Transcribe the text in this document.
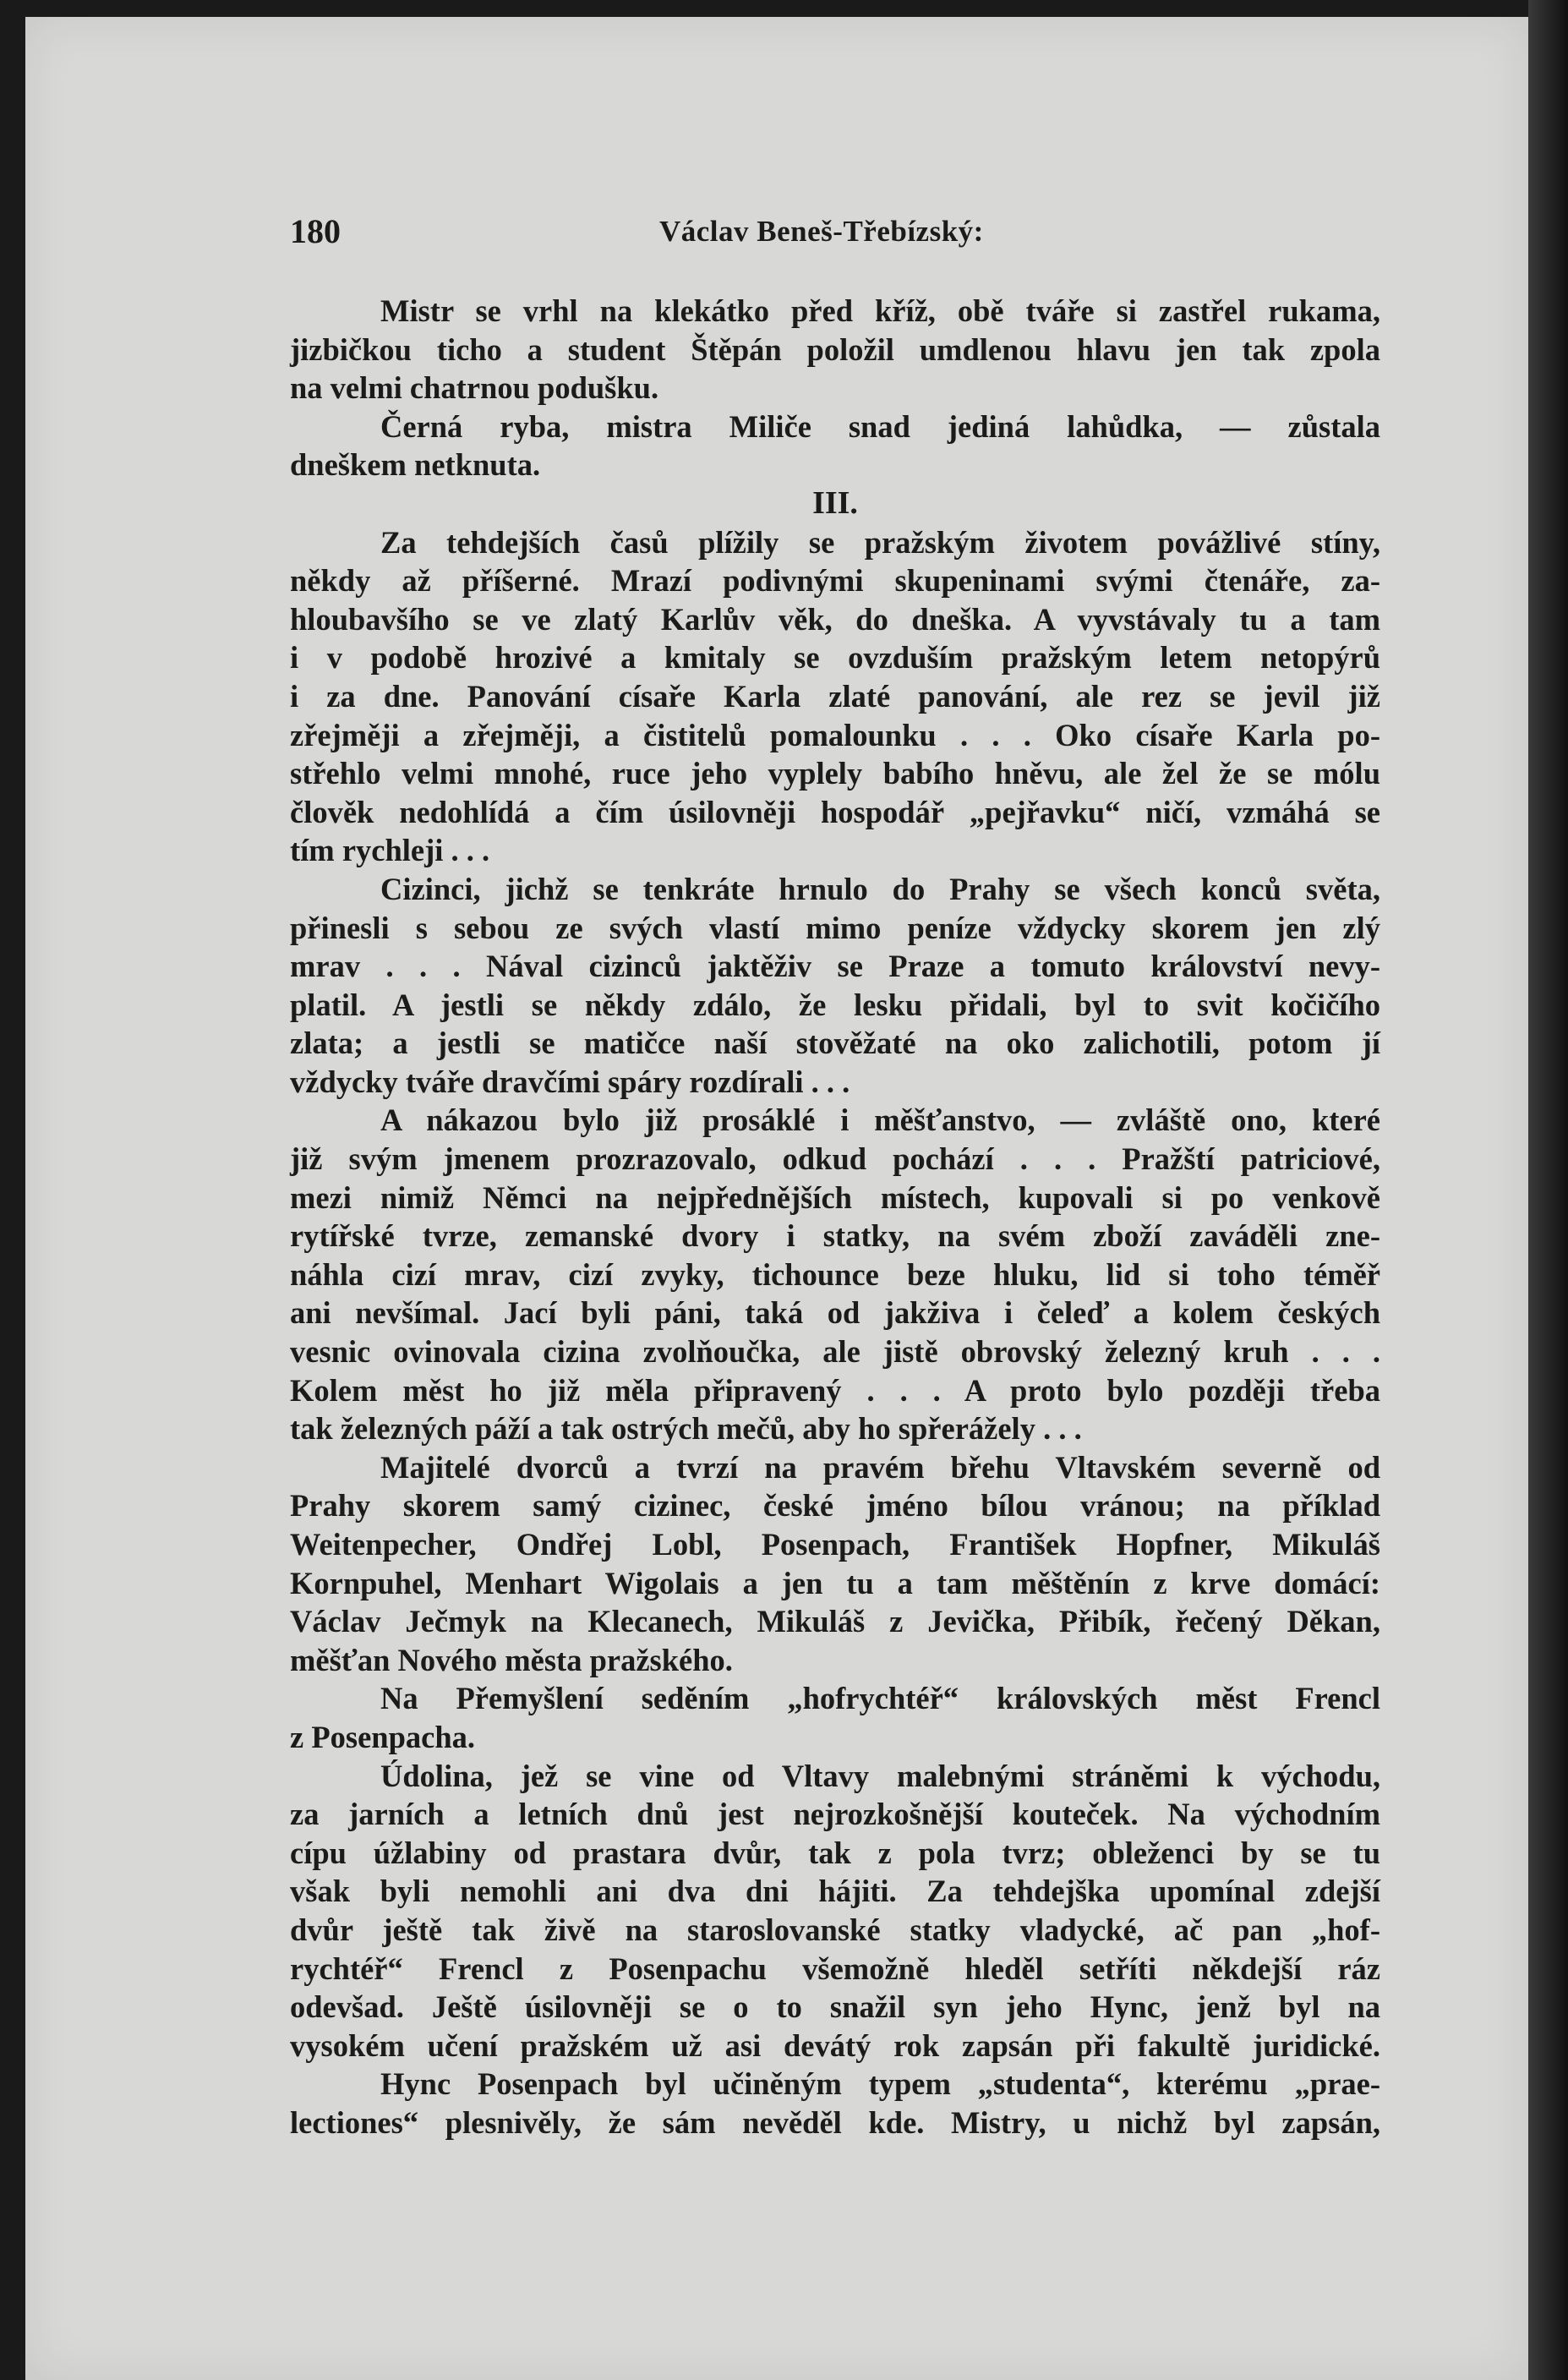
180	Václav Beneš-Třebízský:
Mistr se vrhl na klekátko před kříž, obě tváře si zastřel rukama,
jizbičkou ticho a student Štěpán položil umdlenou hlavu jen tak zpola
na velmi chatrnou podušku.
Černá ryba, mistra Miliče snad jediná lahůdka, — zůstala
dneškem netknuta.
III.
Za tehdejších časů plížily se pražským životem povážlivé stíny,
někdy až příšerné. Mrazí podivnými skupeninami svými čtenáře, za-
hloubavšího se ve zlatý Karlův věk, do dneška. A vyvstávaly tu a tam
i v podobě hrozivé a kmitaly se ovzduším pražským letem netopýrů
i za dne. Panování císaře Karla zlaté panování, ale rez se jevil již
zřejměji a zřejměji, a čistitelů pomalounku . . . Oko císaře Karla po-
střehlo velmi mnohé, ruce jeho vyplely babího hněvu, ale žel že se mólu
člověk nedohlídá a čím úsilovněji hospodář „pejřavku“ ničí, vzmáhá se
tím rychleji . . .
Cizinci, jichž se tenkráte hrnulo do Prahy se všech konců světa,
přinesli s sebou ze svých vlastí mimo peníze vždycky skorem jen zlý
mrav . . . Nával cizinců jaktěživ se Praze a tomuto království nevy-
platil. A jestli se někdy zdálo, že lesku přidali, byl to svit kočičího
zlata; a jestli se matičce naší stověžaté na oko zalichotili, potom jí
vždycky tváře dravčími spáry rozdírali . . .
A nákazou bylo již prosáklé i měšťanstvo, — zvláště ono, které
již svým jmenem prozrazovalo, odkud pochází . . . Pražští patriciové,
mezi nimiž Němci na nejpřednějších místech, kupovali si po venkově
rytířské tvrze, zemanské dvory i statky, na svém zboží zaváděli zne-
náhla cizí mrav, cizí zvyky, tichounce beze hluku, lid si toho téměř
ani nevšímal. Jací byli páni, taká od jakživa i čeleď a kolem českých
vesnic ovinovala cizina zvolňoučka, ale jistě obrovský železný kruh . . .
Kolem měst ho již měla připravený . . . A proto bylo později třeba
tak železných páží a tak ostrých mečů, aby ho spřerážely . . .
Majitelé dvorců a tvrzí na pravém břehu Vltavském severně od
Prahy skorem samý cizinec, české jméno bílou vránou; na příklad
Weitenpecher, Ondřej Lobl, Posenpach, František Hopfner, Mikuláš
Kornpuhel, Menhart Wigolais a jen tu a tam měštěnín z krve domácí:
Václav Ječmyk na Klecanech, Mikuláš z Jevička, Přibík, řečený Děkan,
měšťan Nového města pražského.
Na Přemyšlení seděním „hofrychtéř“ královských měst Frencl
z Posenpacha.
Údolina, jež se vine od Vltavy malebnými stráněmi k východu,
za jarních a letních dnů jest nejrozkošnější kouteček. Na východním
cípu úžlabiny od prastara dvůr, tak z pola tvrz; obleženci by se tu
však byli nemohli ani dva dni hájiti. Za tehdejška upomínal zdejší
dvůr ještě tak živě na staroslovanské statky vladycké, ač pan „hof-
rychtéř“ Frencl z Posenpachu všemožně hleděl setříti někdejší ráz
odevšad. Ještě úsilovněji se o to snažil syn jeho Hync, jenž byl na
vysokém učení pražském už asi devátý rok zapsán při fakultě juridické.
Hync Posenpach byl učiněným typem „studenta“, kterému „prae-
lectiones“ plesnivěly, že sám nevěděl kde. Mistry, u nichž byl zapsán,
